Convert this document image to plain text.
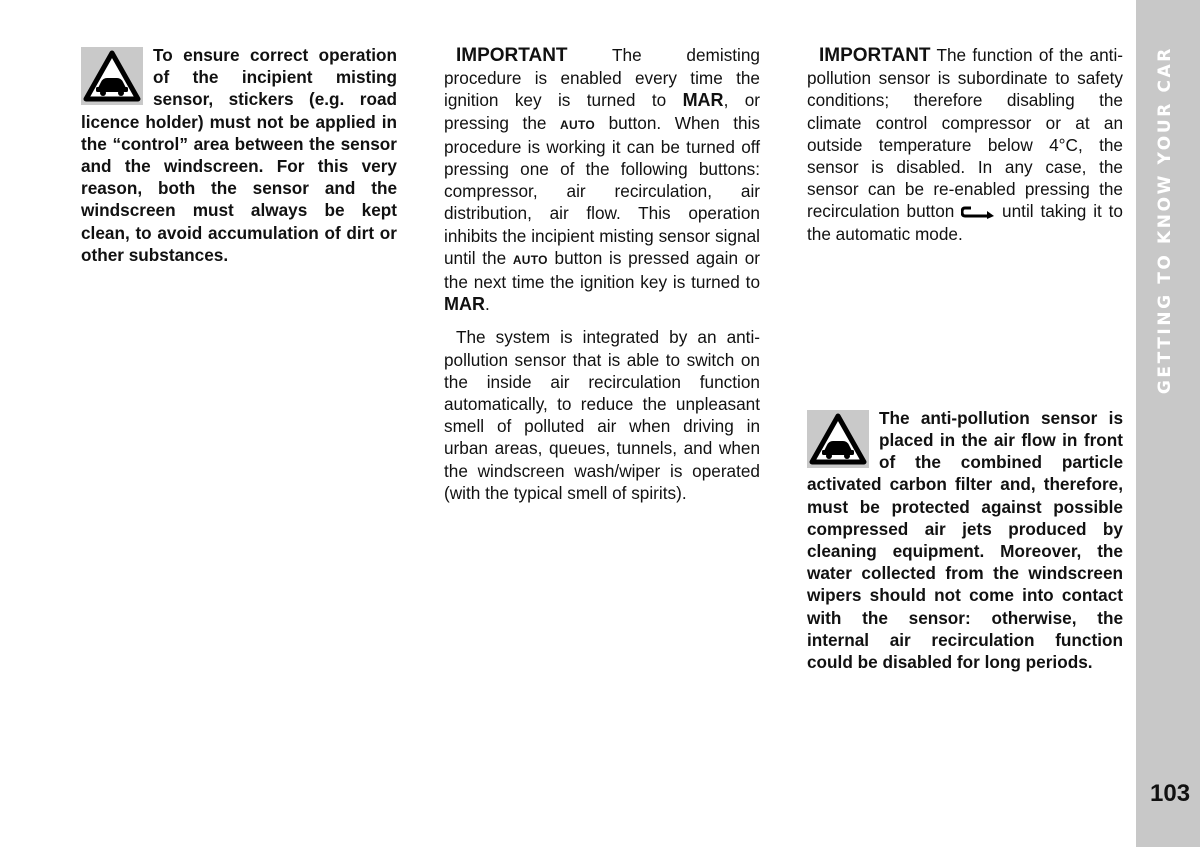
To ensure correct operation of the incipient misting sensor, stickers (e.g. road licence holder) must not be applied in the “control” area between the sensor and the windscreen. For this very reason, both the sensor and the windscreen must always be kept clean, to avoid accumulation of dirt or other substances.

IMPORTANT The demisting procedure is enabled every time the ignition key is turned to MAR, or pressing the AUTO button. When this procedure is working it can be turned off pressing one of the following buttons: compressor, air recirculation, air distribution, air flow. This operation inhibits the incipient misting sensor signal until the AUTO button is pressed again or the next time the ignition key is turned to MAR.

The system is integrated by an anti-pollution sensor that is able to switch on the inside air recirculation function automatically, to reduce the unpleasant smell of polluted air when driving in urban areas, queues, tunnels, and when the windscreen wash/wiper is operated (with the typical smell of spirits).

IMPORTANT The function of the anti-pollution sensor is subordinate to safety conditions; therefore disabling the climate control compressor or at an outside temperature below 4°C, the sensor is disabled. In any case, the sensor can be re-enabled pressing the recirculation button
until taking it to the automatic mode.

The anti-pollution sensor is placed in the air flow in front of the combined particle activated carbon filter and, therefore, must be protected against possible compressed air jets produced by cleaning equipment. Moreover, the water collected from the windscreen wipers should not come into contact with the sensor: otherwise, the internal air recirculation function could be disabled for long periods.

GETTING TO KNOW YOUR CAR
103
